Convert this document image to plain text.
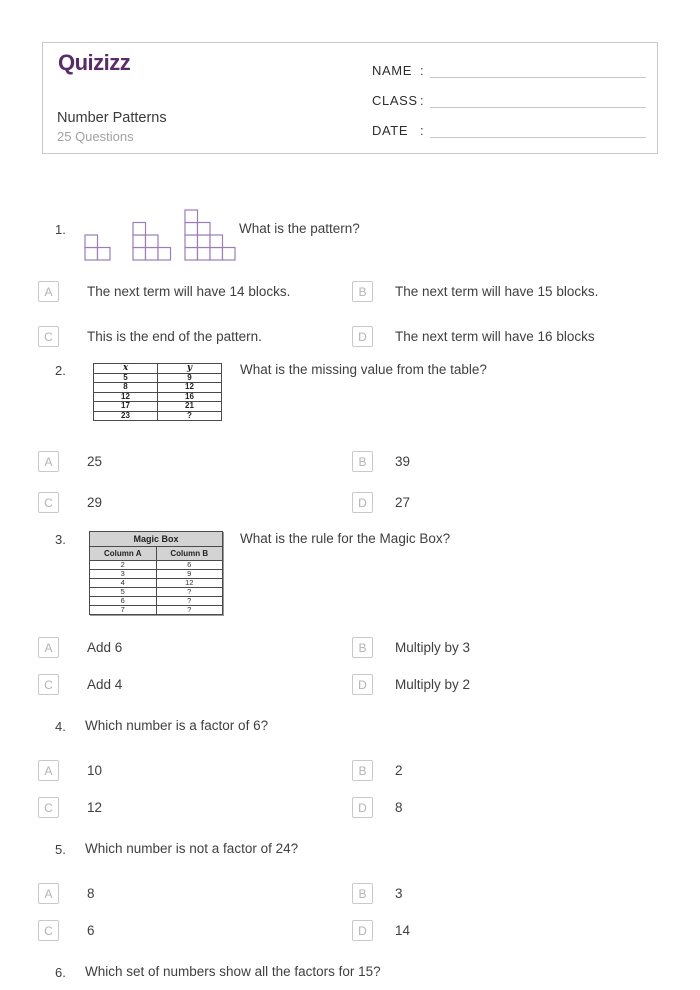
Quizizz
Number Patterns
25 Questions
NAME :
CLASS :
DATE :
1.	What is the pattern?
A	The next term will have 14 blocks.	B	The next term will have 15 blocks.
C	This is the end of the pattern.	D	The next term will have 16 blocks
2.	x	y
5	9
8	12
12	16
17	21
23	?
What is the missing value from the table?
A	25	B	39
C	29	D	27
3.	Magic Box	
Column A	Column B
2	6
3	9
4	12
5	?
6	?
7	?
What is the rule for the Magic Box?
A	Add 6	B	Multiply by 3
C	Add 4	D	Multiply by 2
4. Which number is a factor of 6?
A	10	B	2
C	12	D	8
5. Which number is not a factor of 24?
A	8	B	3
C	6	D	14
6. Which set of numbers show all the factors for 15?
